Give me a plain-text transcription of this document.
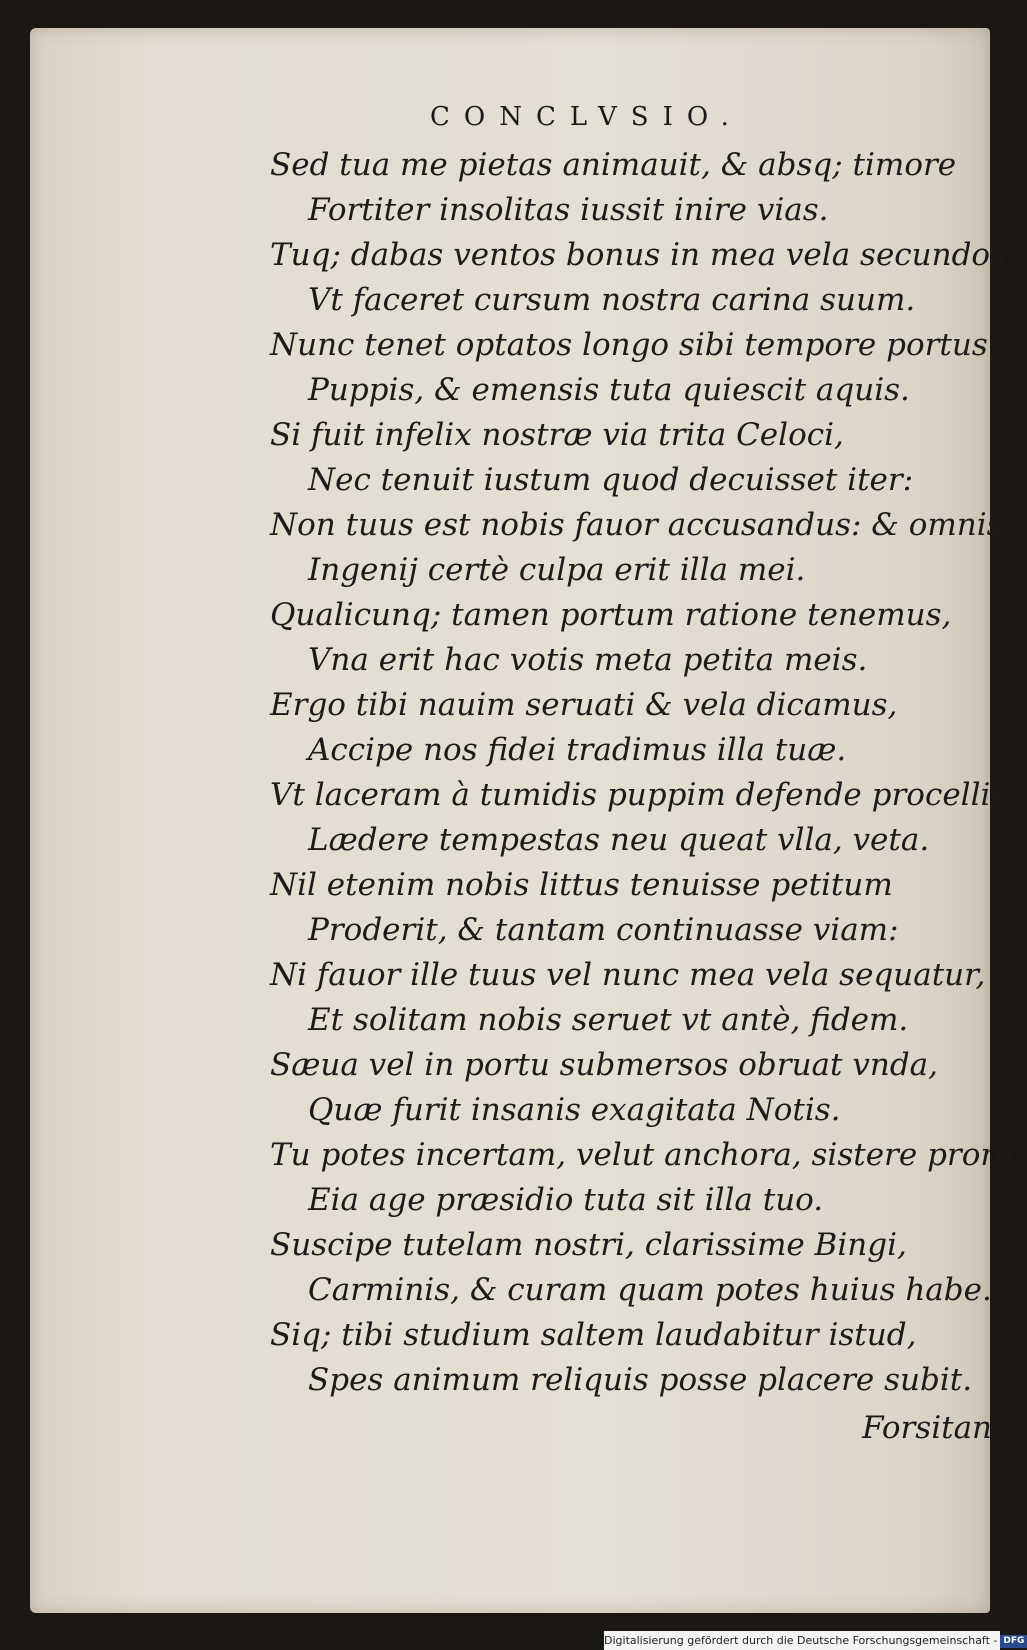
CONCLVSIO.
Sed tua me pietas animauit, & absq; timore
Fortiter insolitas iussit inire vias.
Tuq; dabas ventos bonus in mea vela secundos,
Vt faceret cursum nostra carina suum.
Nunc tenet optatos longo sibi tempore portus
Puppis, & emensis tuta quiescit aquis.
Si fuit infelix nostræ via trita Celoci,
Nec tenuit iustum quod decuisset iter:
Non tuus est nobis fauor accusandus: & omnis
Ingenij certè culpa erit illa mei.
Qualicunq; tamen portum ratione tenemus,
Vna erit hac votis meta petita meis.
Ergo tibi nauim seruati & vela dicamus,
Accipe nos fidei tradimus illa tuæ.
Vt laceram à tumidis puppim defende procellis,
Lædere tempestas neu queat vlla, veta.
Nil etenim nobis littus tenuisse petitum
Proderit, & tantam continuasse viam:
Ni fauor ille tuus vel nunc mea vela sequatur,
Et solitam nobis seruet vt antè, fidem.
Sæua vel in portu submersos obruat vnda,
Quæ furit insanis exagitata Notis.
Tu potes incertam, velut anchora, sistere prorã,
Eia age præsidio tuta sit illa tuo.
Suscipe tutelam nostri, clarissime Bingi,
Carminis, & curam quam potes huius habe.
Siq; tibi studium saltem laudabitur istud,
Spes animum reliquis posse placere subit.
Forsitan
Digitalisierung gefördert durch die Deutsche Forschungsgemeinschaft - DFG
